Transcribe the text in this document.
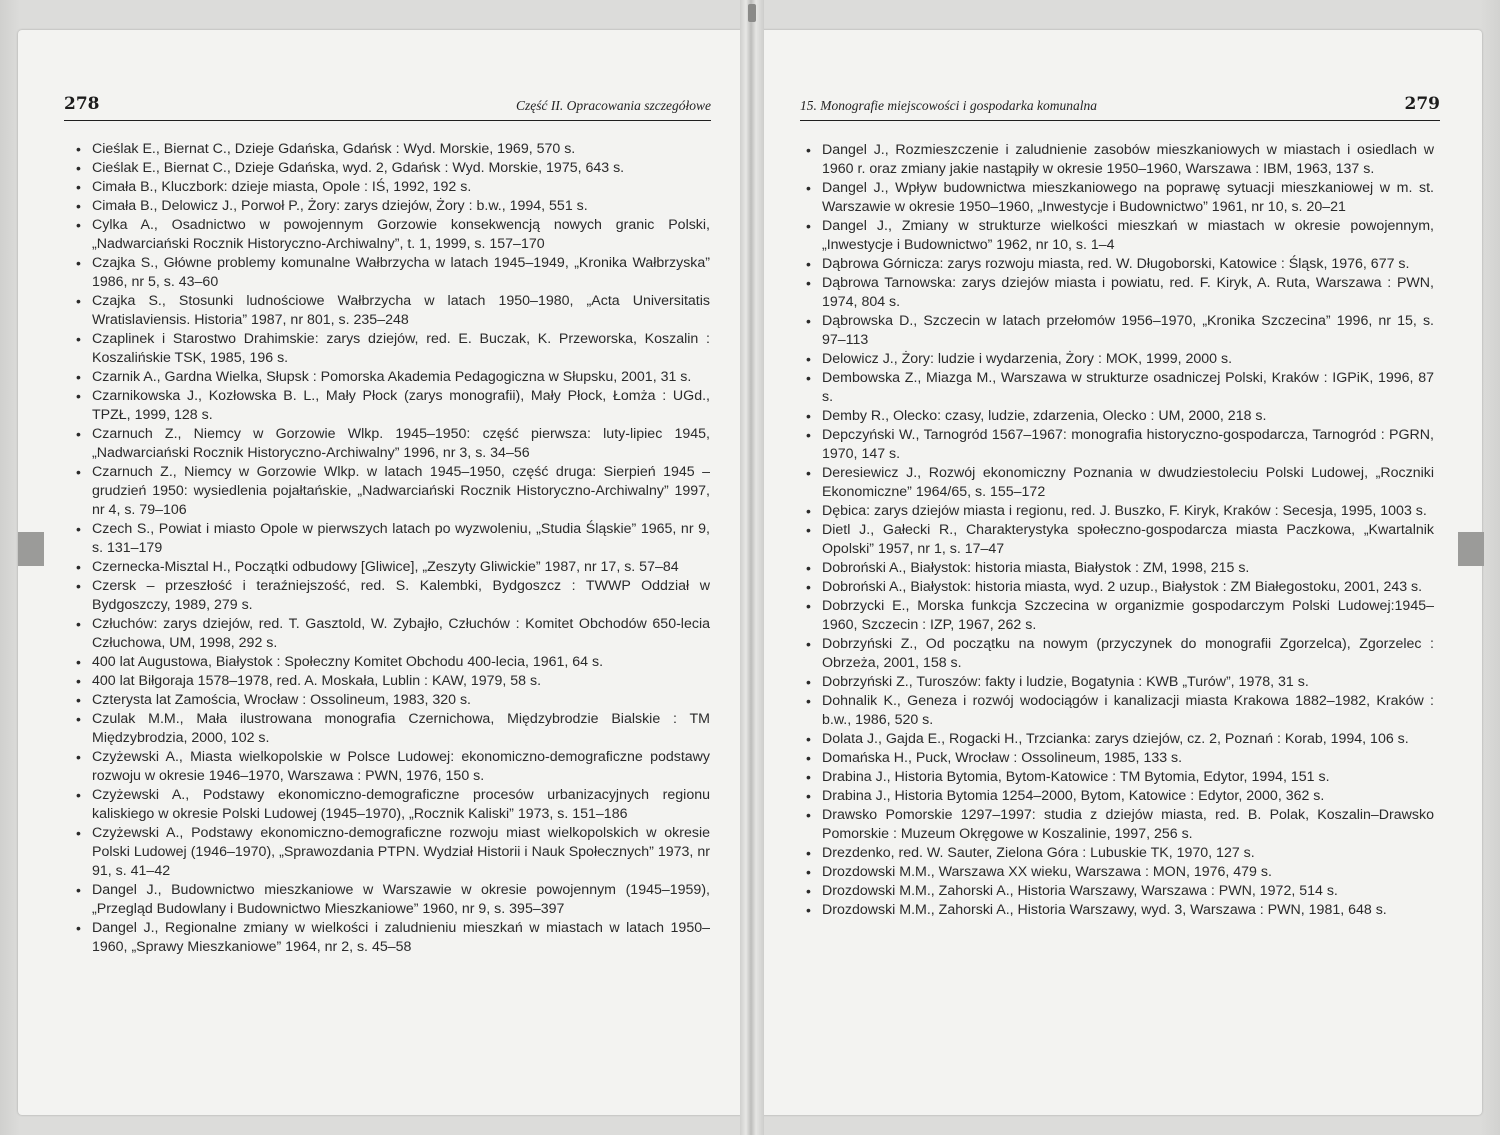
278	Część II. Opracowania szczegółowe
• Cieślak E., Biernat C., Dzieje Gdańska, Gdańsk : Wyd. Morskie, 1969, 570 s.
• Cieślak E., Biernat C., Dzieje Gdańska, wyd. 2, Gdańsk : Wyd. Morskie, 1975, 643 s.
• Cimała B., Kluczbork: dzieje miasta, Opole : IŚ, 1992, 192 s.
• Cimała B., Delowicz J., Porwoł P., Żory: zarys dziejów, Żory : b.w., 1994, 551 s.
• Cylka A., Osadnictwo w powojennym Gorzowie konsekwencją nowych granic Polski, „Nadwarciański Rocznik Historyczno-Archiwalny”, t. 1, 1999, s. 157–170
• Czajka S., Główne problemy komunalne Wałbrzycha w latach 1945–1949, „Kronika Wałbrzyska” 1986, nr 5, s. 43–60
• Czajka S., Stosunki ludnościowe Wałbrzycha w latach 1950–1980, „Acta Universitatis Wratislaviensis. Historia” 1987, nr 801, s. 235–248
• Czaplinek i Starostwo Drahimskie: zarys dziejów, red. E. Buczak, K. Przeworska, Koszalin : Koszalińskie TSK, 1985, 196 s.
• Czarnik A., Gardna Wielka, Słupsk : Pomorska Akademia Pedagogiczna w Słupsku, 2001, 31 s.
• Czarnikowska J., Kozłowska B. L., Mały Płock (zarys monografii), Mały Płock, Łomża : UGd., TPZŁ, 1999, 128 s.
• Czarnuch Z., Niemcy w Gorzowie Wlkp. 1945–1950: część pierwsza: luty-lipiec 1945, „Nadwarciański Rocznik Historyczno-Archiwalny” 1996, nr 3, s. 34–56
• Czarnuch Z., Niemcy w Gorzowie Wlkp. w latach 1945–1950, część druga: Sierpień 1945 – grudzień 1950: wysiedlenia pojałtańskie, „Nadwarciański Rocznik Historyczno-Archiwalny” 1997, nr 4, s. 79–106
• Czech S., Powiat i miasto Opole w pierwszych latach po wyzwoleniu, „Studia Śląskie” 1965, nr 9, s. 131–179
• Czernecka-Misztal H., Początki odbudowy [Gliwice], „Zeszyty Gliwickie” 1987, nr 17, s. 57–84
• Czersk – przeszłość i teraźniejszość, red. S. Kalembki, Bydgoszcz : TWWP Oddział w Bydgoszczy, 1989, 279 s.
• Człuchów: zarys dziejów, red. T. Gasztold, W. Zybajło, Człuchów : Komitet Obchodów 650-lecia Człuchowa, UM, 1998, 292 s.
• 400 lat Augustowa, Białystok : Społeczny Komitet Obchodu 400-lecia, 1961, 64 s.
• 400 lat Biłgoraja 1578–1978, red. A. Moskała, Lublin : KAW, 1979, 58 s.
• Czterysta lat Zamościa, Wrocław : Ossolineum, 1983, 320 s.
• Czulak M.M., Mała ilustrowana monografia Czernichowa, Międzybrodzie Bialskie : TM Międzybrodzia, 2000, 102 s.
• Czyżewski A., Miasta wielkopolskie w Polsce Ludowej: ekonomiczno-demograficzne podstawy rozwoju w okresie 1946–1970, Warszawa : PWN, 1976, 150 s.
• Czyżewski A., Podstawy ekonomiczno-demograficzne procesów urbanizacyjnych regionu kaliskiego w okresie Polski Ludowej (1945–1970), „Rocznik Kaliski” 1973, s. 151–186
• Czyżewski A., Podstawy ekonomiczno-demograficzne rozwoju miast wielkopolskich w okresie Polski Ludowej (1946–1970), „Sprawozdania PTPN. Wydział Historii i Nauk Społecznych” 1973, nr 91, s. 41–42
• Dangel J., Budownictwo mieszkaniowe w Warszawie w okresie powojennym (1945–1959), „Przegląd Budowlany i Budownictwo Mieszkaniowe” 1960, nr 9, s. 395–397
• Dangel J., Regionalne zmiany w wielkości i zaludnieniu mieszkań w miastach w latach 1950–1960, „Sprawy Mieszkaniowe” 1964, nr 2, s. 45–58
15. Monografie miejscowości i gospodarka komunalna	279
• Dangel J., Rozmieszczenie i zaludnienie zasobów mieszkaniowych w miastach i osiedlach w 1960 r. oraz zmiany jakie nastąpiły w okresie 1950–1960, Warszawa : IBM, 1963, 137 s.
• Dangel J., Wpływ budownictwa mieszkaniowego na poprawę sytuacji mieszkaniowej w m. st. Warszawie w okresie 1950–1960, „Inwestycje i Budownictwo” 1961, nr 10, s. 20–21
• Dangel J., Zmiany w strukturze wielkości mieszkań w miastach w okresie powojennym, „Inwestycje i Budownictwo” 1962, nr 10, s. 1–4
• Dąbrowa Górnicza: zarys rozwoju miasta, red. W. Długoborski, Katowice : Śląsk, 1976, 677 s.
• Dąbrowa Tarnowska: zarys dziejów miasta i powiatu, red. F. Kiryk, A. Ruta, Warszawa : PWN, 1974, 804 s.
• Dąbrowska D., Szczecin w latach przełomów 1956–1970, „Kronika Szczecina” 1996, nr 15, s. 97–113
• Delowicz J., Żory: ludzie i wydarzenia, Żory : MOK, 1999, 2000 s.
• Dembowska Z., Miazga M., Warszawa w strukturze osadniczej Polski, Kraków : IGPiK, 1996, 87 s.
• Demby R., Olecko: czasy, ludzie, zdarzenia, Olecko : UM, 2000, 218 s.
• Depczyński W., Tarnogród 1567–1967: monografia historyczno-gospodarcza, Tarnogród : PGRN, 1970, 147 s.
• Deresiewicz J., Rozwój ekonomiczny Poznania w dwudziestoleciu Polski Ludowej, „Roczniki Ekonomiczne” 1964/65, s. 155–172
• Dębica: zarys dziejów miasta i regionu, red. J. Buszko, F. Kiryk, Kraków : Secesja, 1995, 1003 s.
• Dietl J., Gałecki R., Charakterystyka społeczno-gospodarcza miasta Paczkowa, „Kwartalnik Opolski” 1957, nr 1, s. 17–47
• Dobroński A., Białystok: historia miasta, Białystok : ZM, 1998, 215 s.
• Dobroński A., Białystok: historia miasta, wyd. 2 uzup., Białystok : ZM Białegostoku, 2001, 243 s.
• Dobrzycki E., Morska funkcja Szczecina w organizmie gospodarczym Polski Ludowej:1945–1960, Szczecin : IZP, 1967, 262 s.
• Dobrzyński Z., Od początku na nowym (przyczynek do monografii Zgorzelca), Zgorzelec : Obrzeża, 2001, 158 s.
• Dobrzyński Z., Turoszów: fakty i ludzie, Bogatynia : KWB „Turów”, 1978, 31 s.
• Dohnalik K., Geneza i rozwój wodociągów i kanalizacji miasta Krakowa 1882–1982, Kraków : b.w., 1986, 520 s.
• Dolata J., Gajda E., Rogacki H., Trzcianka: zarys dziejów, cz. 2, Poznań : Korab, 1994, 106 s.
• Domańska H., Puck, Wrocław : Ossolineum, 1985, 133 s.
• Drabina J., Historia Bytomia, Bytom-Katowice : TM Bytomia, Edytor, 1994, 151 s.
• Drabina J., Historia Bytomia 1254–2000, Bytom, Katowice : Edytor, 2000, 362 s.
• Drawsko Pomorskie 1297–1997: studia z dziejów miasta, red. B. Polak, Koszalin–Drawsko Pomorskie : Muzeum Okręgowe w Koszalinie, 1997, 256 s.
• Drezdenko, red. W. Sauter, Zielona Góra : Lubuskie TK, 1970, 127 s.
• Drozdowski M.M., Warszawa XX wieku, Warszawa : MON, 1976, 479 s.
• Drozdowski M.M., Zahorski A., Historia Warszawy, Warszawa : PWN, 1972, 514 s.
• Drozdowski M.M., Zahorski A., Historia Warszawy, wyd. 3, Warszawa : PWN, 1981, 648 s.
